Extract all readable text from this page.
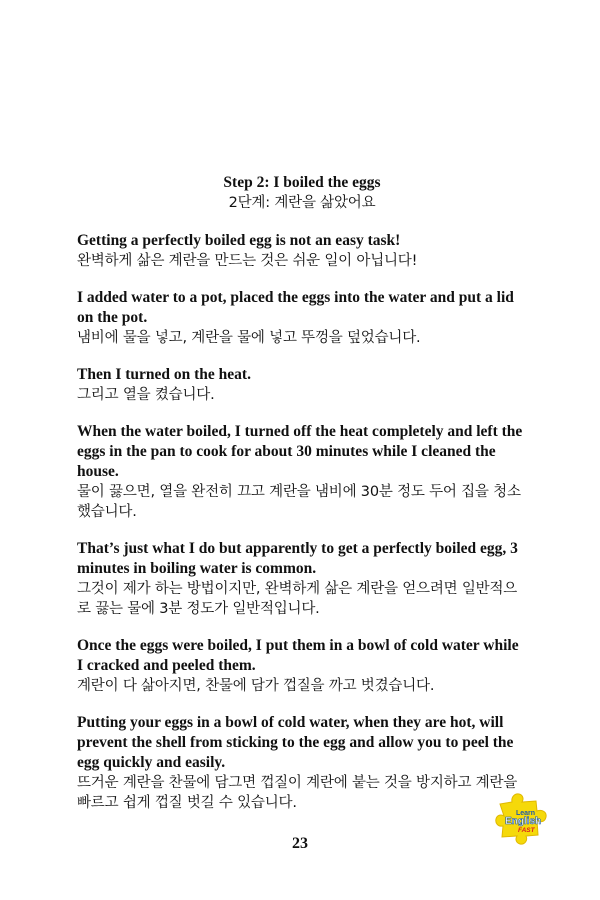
Step 2: I boiled the eggs
2단계: 계란을 삶았어요
Getting a perfectly boiled egg is not an easy task!
완벽하게 삶은 계란을 만드는 것은 쉬운 일이 아닙니다!
I added water to a pot, placed the eggs into the water and put a lid on the pot.
냄비에 물을 넣고, 계란을 물에 넣고 뚜껑을 덮었습니다.
Then I turned on the heat.
그리고 열을 켰습니다.
When the water boiled, I turned off the heat completely and left the eggs in the pan to cook for about 30 minutes while I cleaned the house.
물이 끓으면, 열을 완전히 끄고 계란을 냄비에 30분 정도 두어 집을 청소했습니다.
That’s just what I do but apparently to get a perfectly boiled egg, 3 minutes in boiling water is common.
그것이 제가 하는 방법이지만, 완벽하게 삶은 계란을 얻으려면 일반적으로 끓는 물에 3분 정도가 일반적입니다.
Once the eggs were boiled, I put them in a bowl of cold water while I cracked and peeled them.
계란이 다 삶아지면, 찬물에 담가 껍질을 까고 벗겼습니다.
Putting your eggs in a bowl of cold water, when they are hot, will prevent the shell from sticking to the egg and allow you to peel the egg quickly and easily.
뜨거운 계란을 찬물에 담그면 껍질이 계란에 붙는 것을 방지하고 계란을 빠르고 쉽게 껍질 벗길 수 있습니다.
23
Learn
English
FAST
